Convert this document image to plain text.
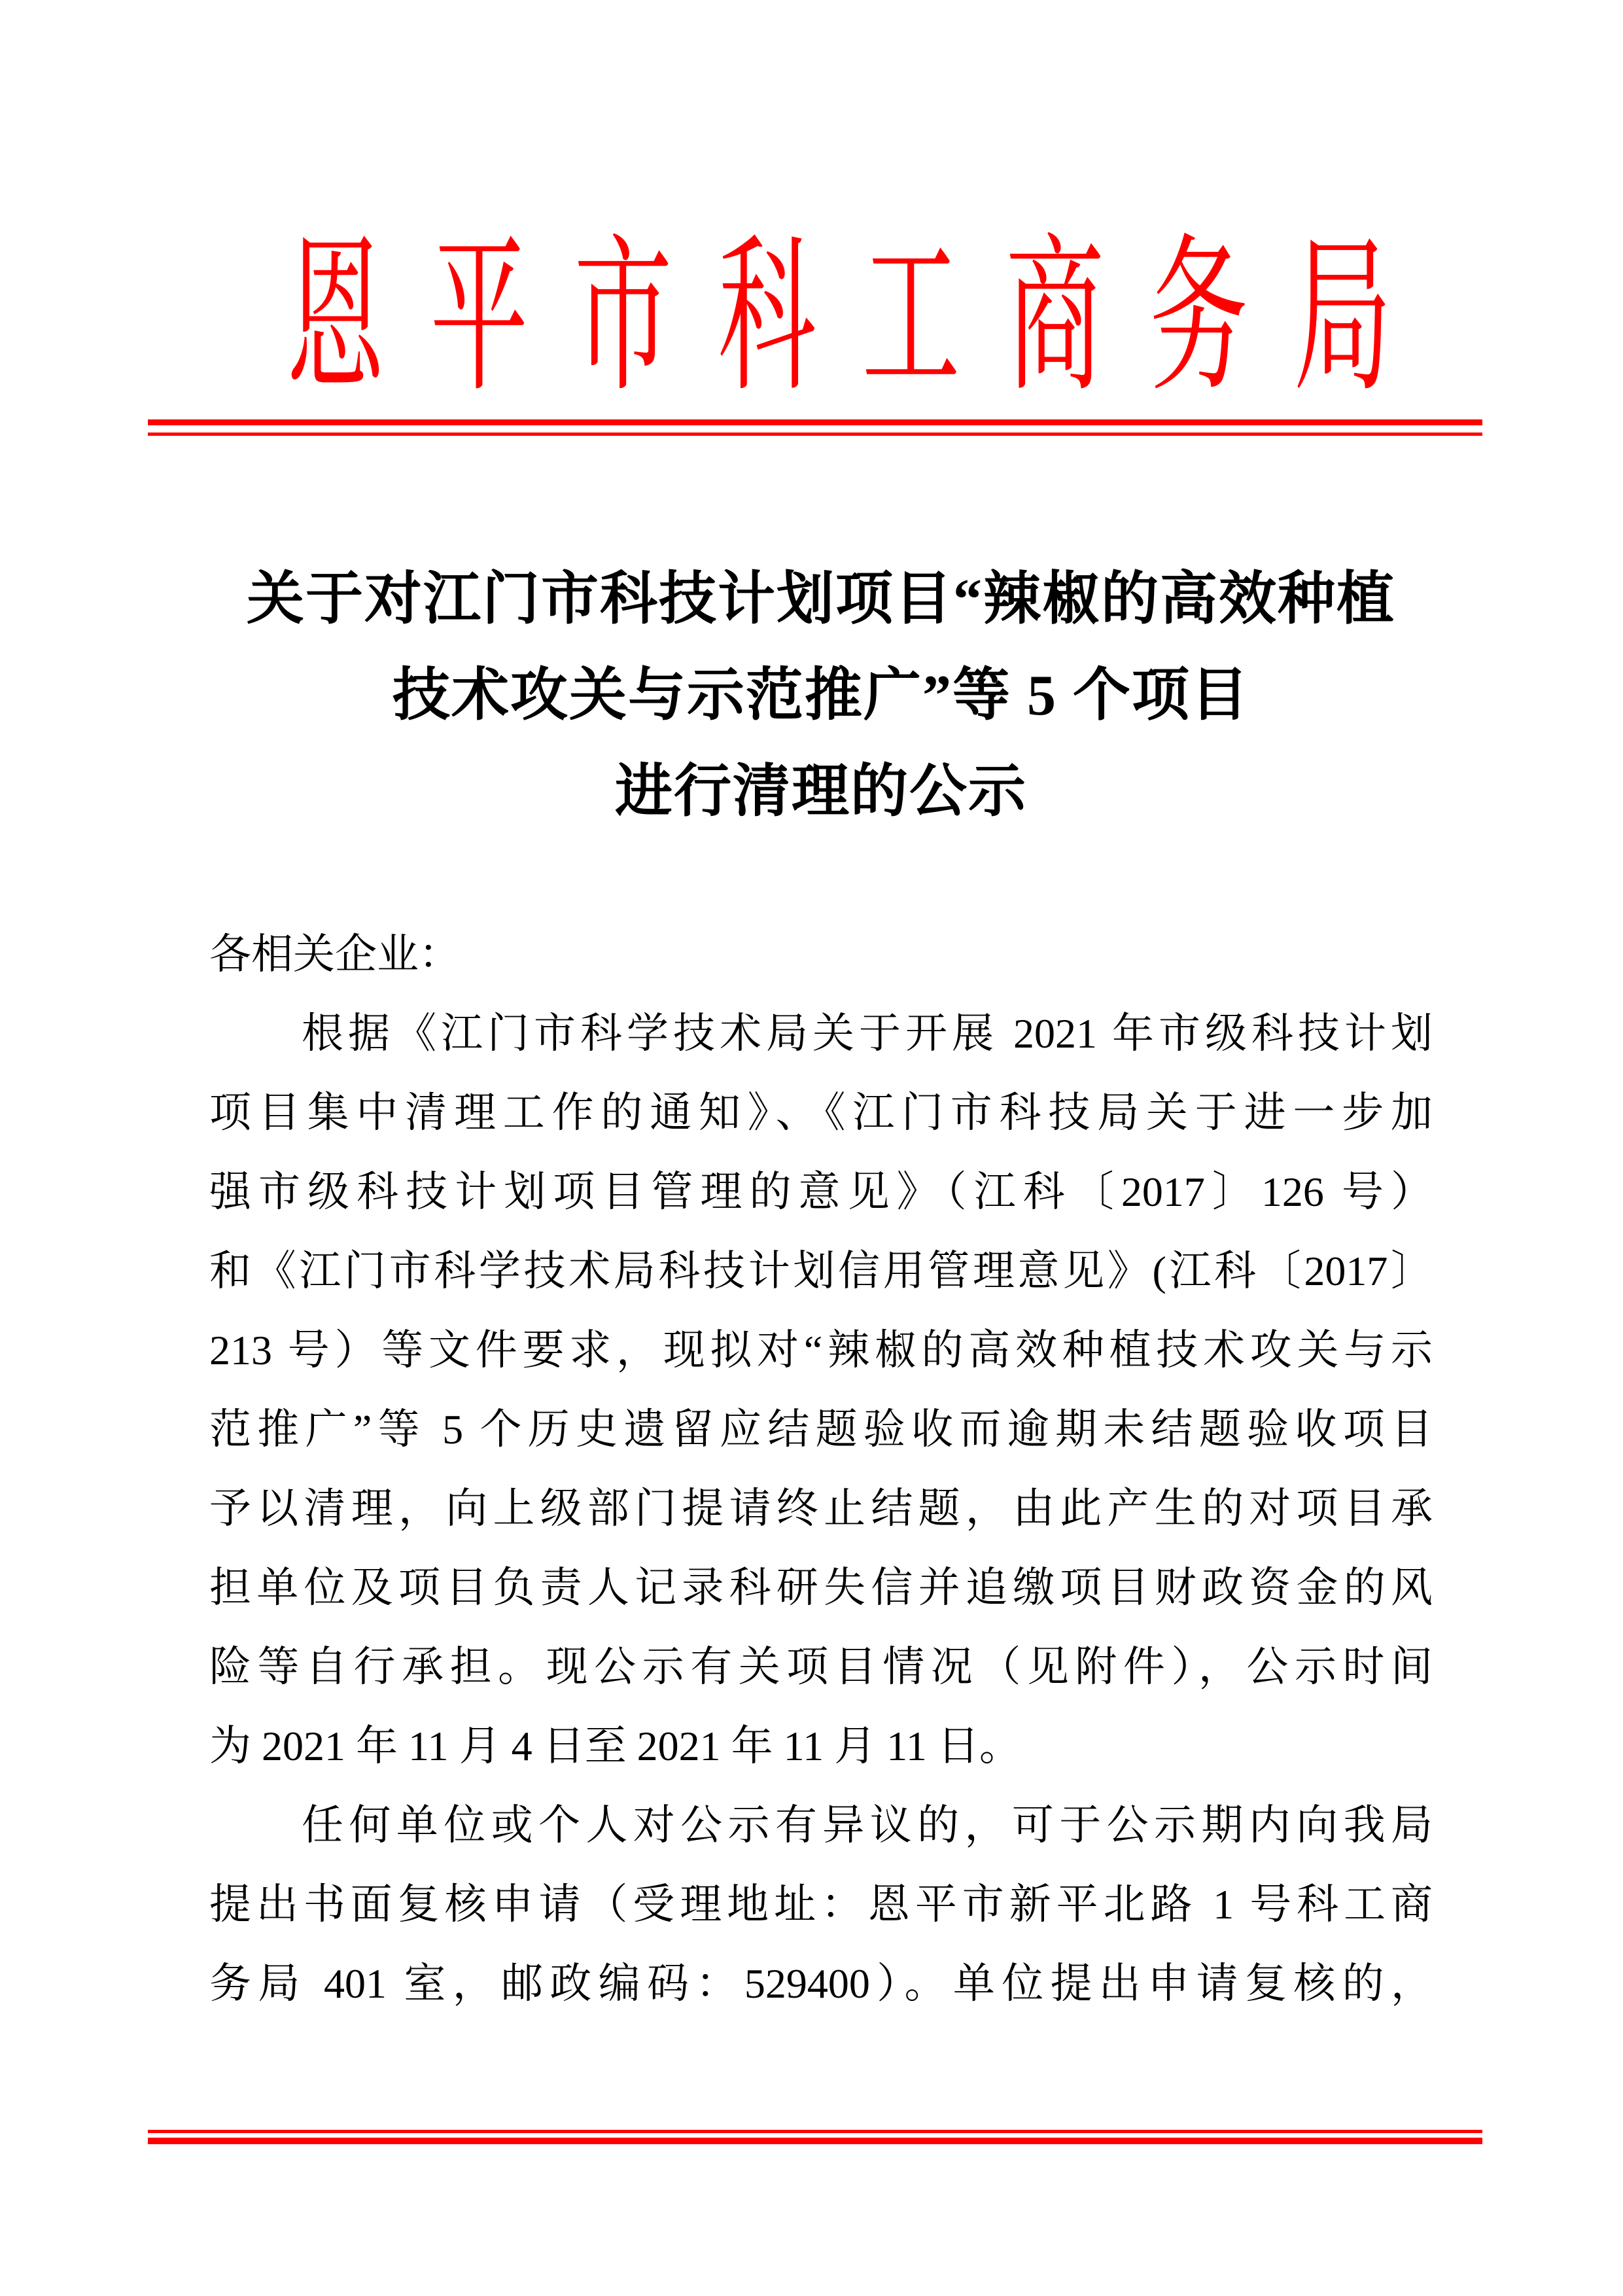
恩平市科工商务局
关于对江门市科技计划项目“辣椒的高效种植
技术攻关与示范推广”等 5 个项目
进行清理的公示
各相关企业：
根据《江门市科学技术局关于开展 2021 年市级科技计划
项目集中清理工作的通知》、《江门市科技局关于进一步加
强市级科技计划项目管理的意见》（江科〔2017〕126 号）
和《江门市科学技术局科技计划信用管理意见》(江科〔2017〕
213 号）等文件要求，现拟对“辣椒的高效种植技术攻关与示
范推广”等 5 个历史遗留应结题验收而逾期未结题验收项目
予以清理，向上级部门提请终止结题，由此产生的对项目承
担单位及项目负责人记录科研失信并追缴项目财政资金的风
险等自行承担。现公示有关项目情况（见附件），公示时间
为 2021 年 11 月 4 日至 2021 年 11 月 11 日。
任何单位或个人对公示有异议的，可于公示期内向我局
提出书面复核申请（受理地址：恩平市新平北路 1 号科工商
务局 401 室，邮政编码：529400）。单位提出申请复核的，
